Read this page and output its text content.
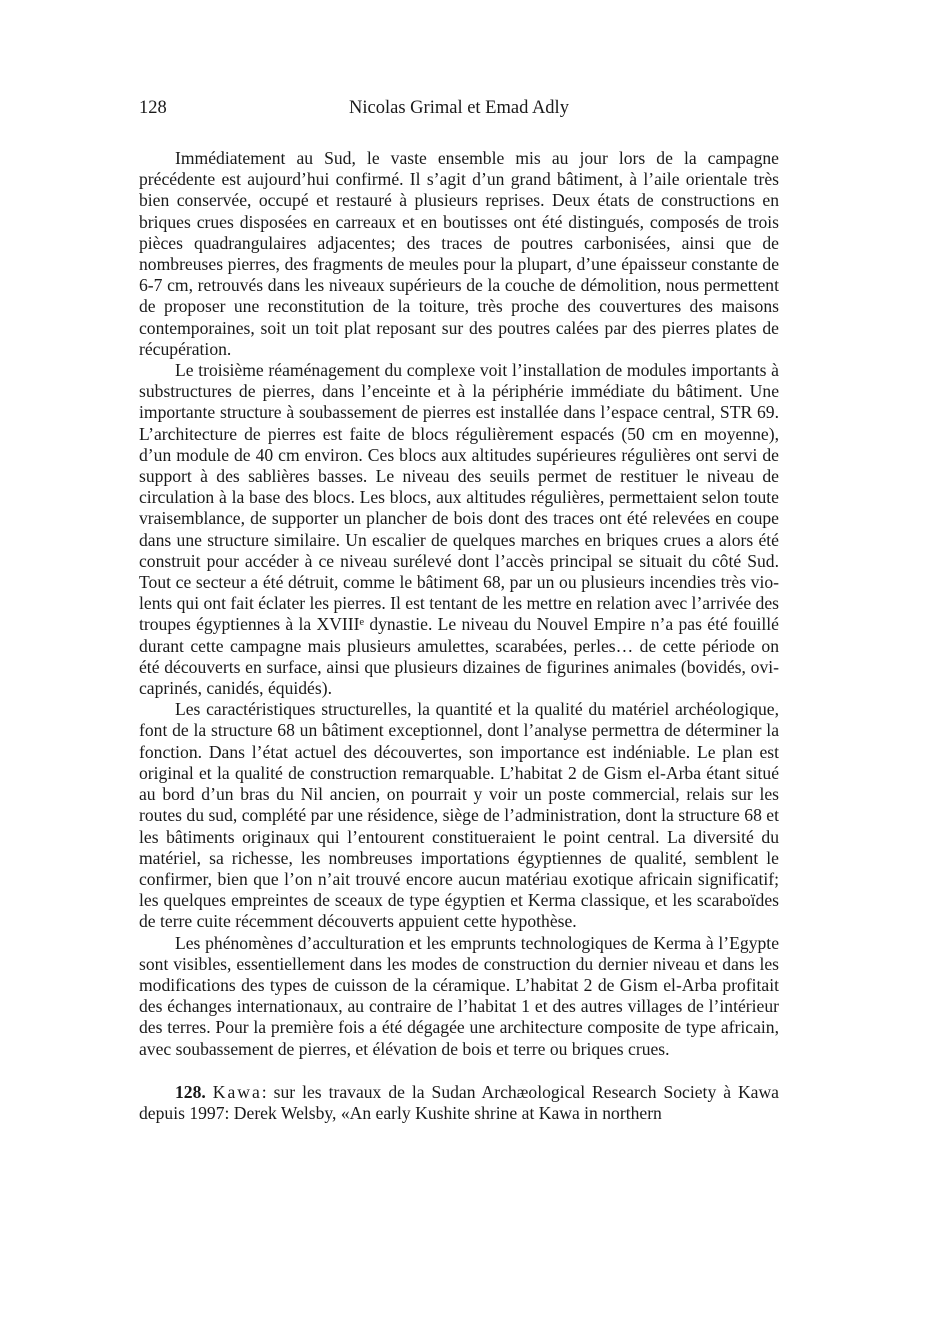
128	Nicolas Grimal et Emad Adly

Immédiatement au Sud, le vaste ensemble mis au jour lors de la campagne précédente est aujourd’hui confirmé. Il s’agit d’un grand bâtiment, à l’aile orientale très bien conservée, occupé et restauré à plusieurs reprises. Deux états de constructions en briques crues disposées en carreaux et en boutisses ont été distingués, composés de trois pièces quadrangulaires adjacentes; des traces de poutres carbonisées, ainsi que de nombreuses pierres, des fragments de meules pour la plupart, d’une épaisseur constante de 6-7 cm, retrouvés dans les niveaux supérieurs de la couche de démolition, nous permettent de proposer une reconstitution de la toiture, très proche des couvertures des maisons contemporaines, soit un toit plat reposant sur des poutres calées par des pierres plates de récupération.

Le troisième réaménagement du complexe voit l’installation de modules importants à substructures de pierres, dans l’enceinte et à la périphérie immédiate du bâtiment. Une importante structure à soubassement de pierres est installée dans l’espace central, STR 69. L’architecture de pierres est faite de blocs régulièrement espacés (50 cm en moyenne), d’un module de 40 cm environ. Ces blocs aux altitudes supérieures régulières ont servi de support à des sablières basses. Le niveau des seuils permet de restituer le niveau de circulation à la base des blocs. Les blocs, aux altitudes régulières, permettaient selon toute vraisemblance, de supporter un plancher de bois dont des traces ont été relevées en coupe dans une structure similaire. Un escalier de quelques marches en briques crues a alors été construit pour accéder à ce niveau surélevé dont l’accès principal se situait du côté Sud. Tout ce secteur a été détruit, comme le bâtiment 68, par un ou plusieurs incendies très violents qui ont fait éclater les pierres. Il est tentant de les mettre en relation avec l’arrivée des troupes égyptiennes à la XVIIIᵉ dynastie. Le niveau du Nouvel Empire n’a pas été fouillé durant cette campagne mais plusieurs amulettes, scarabées, perles… de cette période on été découverts en surface, ainsi que plusieurs dizaines de figurines animales (bovidés, ovi-caprinés, canidés, équidés).

Les caractéristiques structurelles, la quantité et la qualité du matériel archéologique, font de la structure 68 un bâtiment exceptionnel, dont l’analyse permettra de déterminer la fonction. Dans l’état actuel des découvertes, son importance est indéniable. Le plan est original et la qualité de construction remarquable. L’habitat 2 de Gism el-Arba étant situé au bord d’un bras du Nil ancien, on pourrait y voir un poste commercial, relais sur les routes du sud, complété par une résidence, siège de l’administration, dont la structure 68 et les bâtiments originaux qui l’entourent constitueraient le point central. La diversité du matériel, sa richesse, les nombreuses importations égyptiennes de qualité, semblent le confirmer, bien que l’on n’ait trouvé encore aucun matériau exotique africain significatif; les quelques empreintes de sceaux de type égyptien et Kerma classique, et les scaraboïdes de terre cuite récemment découverts appuient cette hypothèse.

Les phénomènes d’acculturation et les emprunts technologiques de Kerma à l’Egypte sont visibles, essentiellement dans les modes de construction du dernier niveau et dans les modifications des types de cuisson de la céramique. L’habitat 2 de Gism el-Arba profitait des échanges internationaux, au contraire de l’habitat 1 et des autres villages de l’intérieur des terres. Pour la première fois a été dégagée une architecture composite de type africain, avec soubassement de pierres, et élévation de bois et terre ou briques crues.

128. Kawa: sur les travaux de la Sudan Archæological Research Society à Kawa depuis 1997: Derek Welsby, «An early Kushite shrine at Kawa in northern
